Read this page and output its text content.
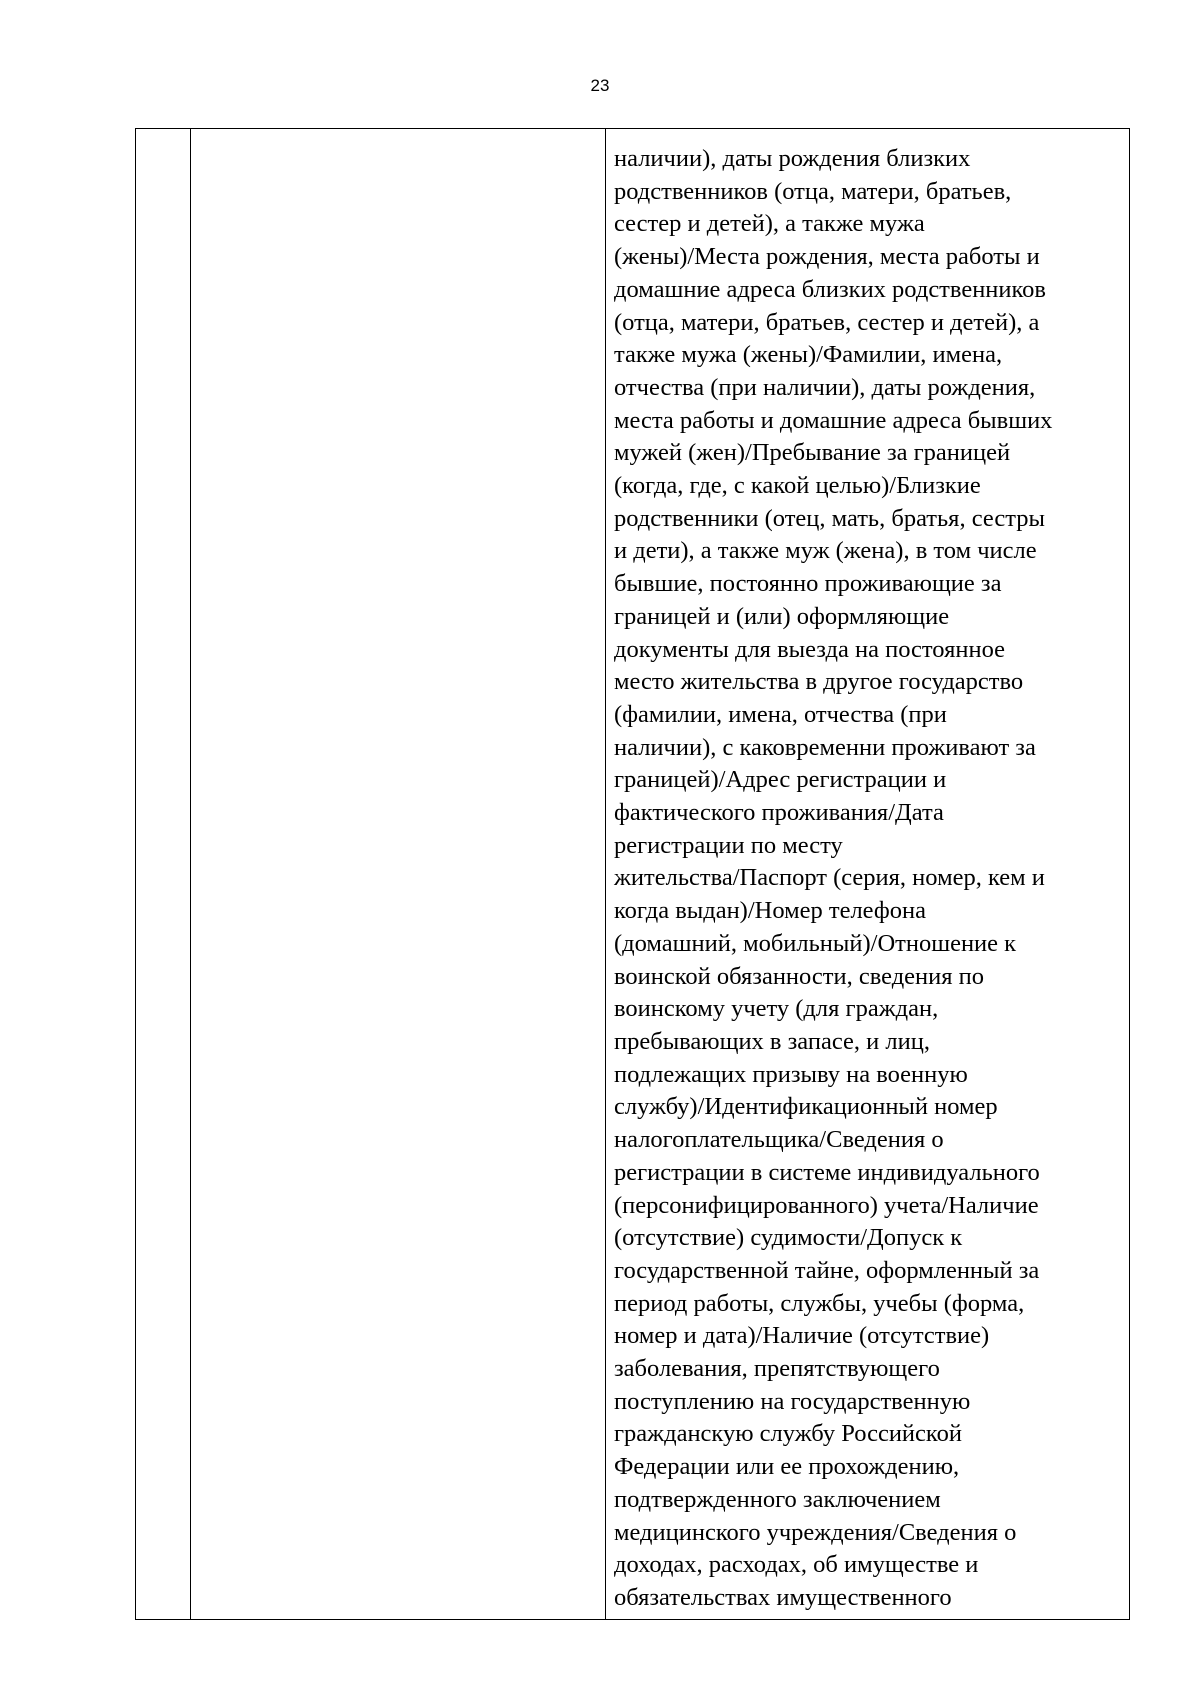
23

наличии), даты рождения близких
родственников (отца, матери, братьев,
сестер и детей), а также мужа
(жены)/Места рождения, места работы и
домашние адреса близких родственников
(отца, матери, братьев, сестер и детей), а
также мужа (жены)/Фамилии, имена,
отчества (при наличии), даты рождения,
места работы и домашние адреса бывших
мужей (жен)/Пребывание за границей
(когда, где, с какой целью)/Близкие
родственники (отец, мать, братья, сестры
и дети), а также муж (жена), в том числе
бывшие, постоянно проживающие за
границей и (или) оформляющие
документы для выезда на постоянное
место жительства в другое государство
(фамилии, имена, отчества (при
наличии), с каковременни проживают за
границей)/Адрес регистрации и
фактического проживания/Дата
регистрации по месту
жительства/Паспорт (серия, номер, кем и
когда выдан)/Номер телефона
(домашний, мобильный)/Отношение к
воинской обязанности, сведения по
воинскому учету (для граждан,
пребывающих в запасе, и лиц,
подлежащих призыву на военную
службу)/Идентификационный номер
налогоплательщика/Сведения о
регистрации в системе индивидуального
(персонифицированного) учета/Наличие
(отсутствие) судимости/Допуск к
государственной тайне, оформленный за
период работы, службы, учебы (форма,
номер и дата)/Наличие (отсутствие)
заболевания, препятствующего
поступлению на государственную
гражданскую службу Российской
Федерации или ее прохождению,
подтвержденного заключением
медицинского учреждения/Сведения о
доходах, расходах, об имуществе и
обязательствах имущественного
